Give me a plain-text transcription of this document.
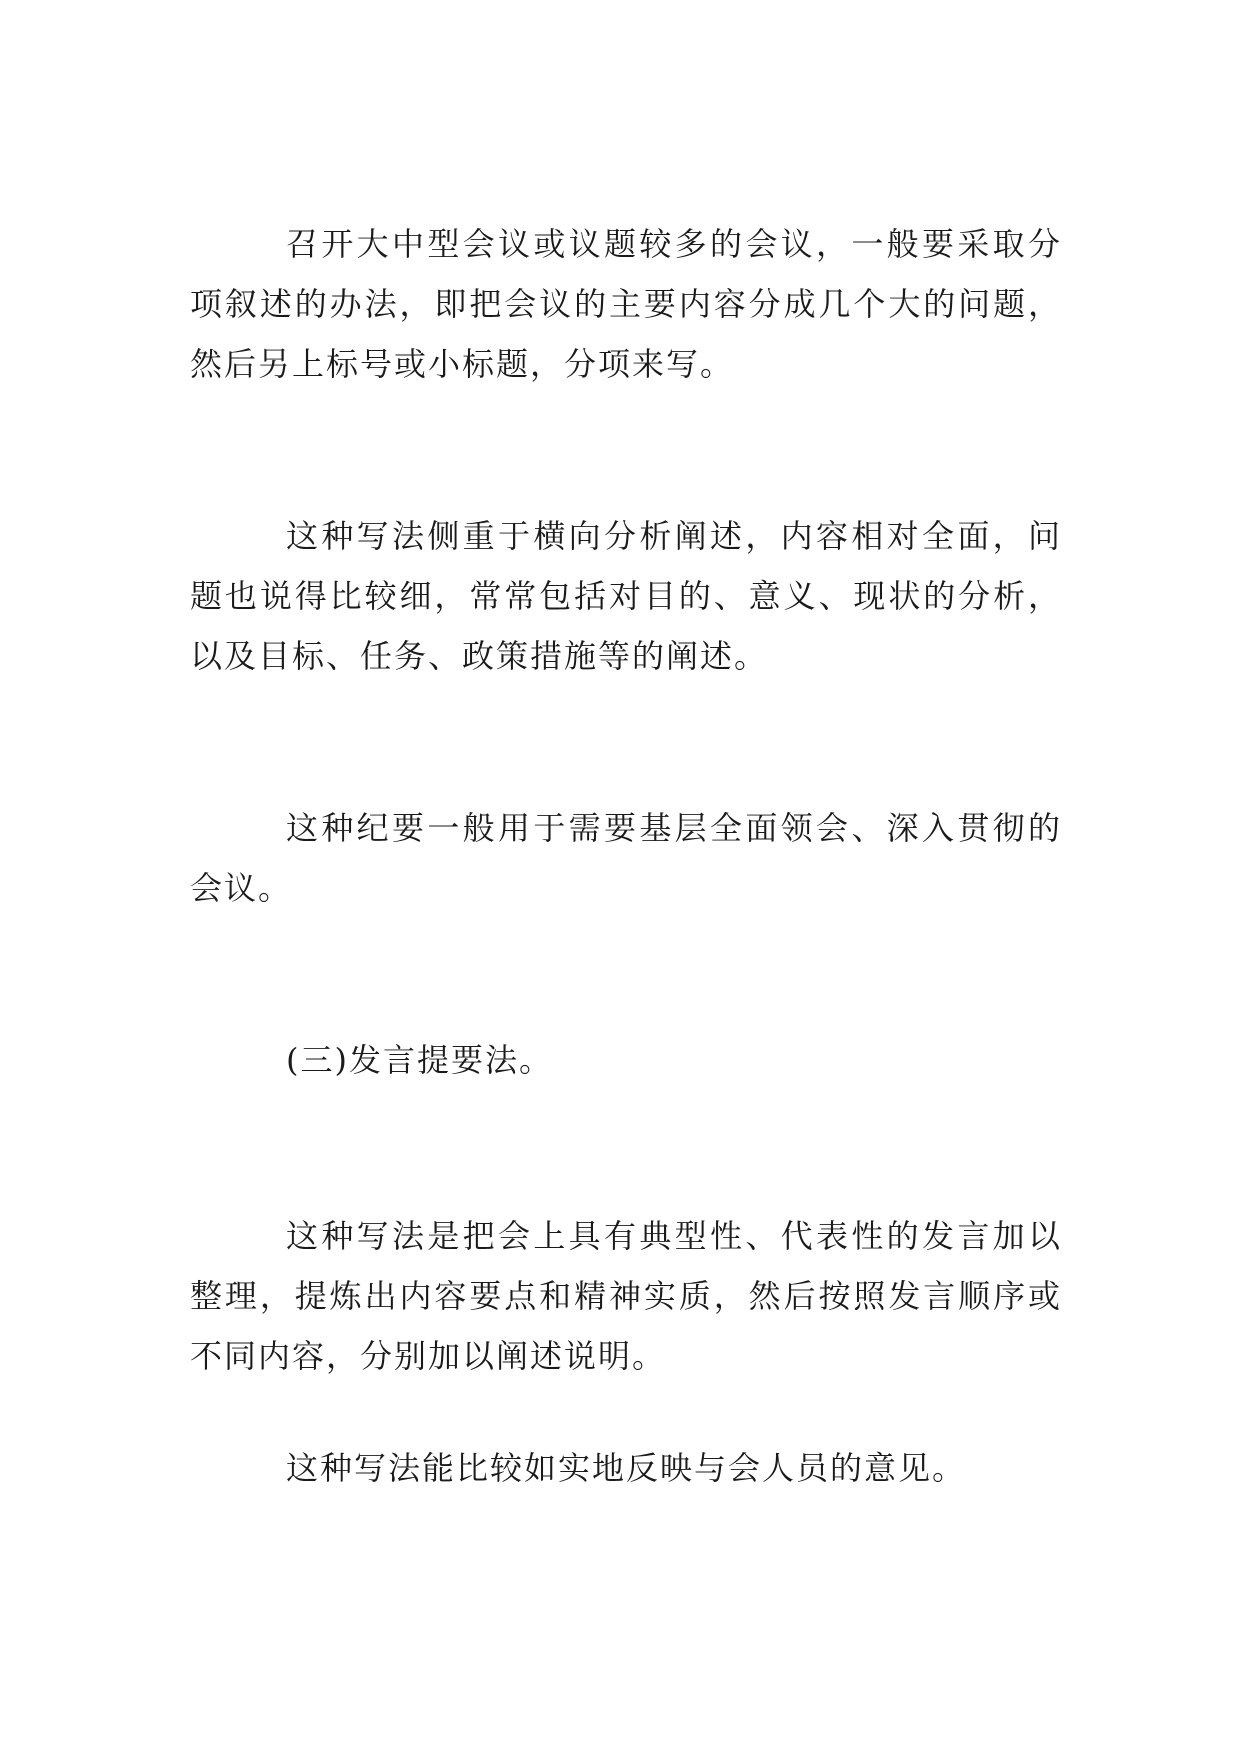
召开大中型会议或议题较多的会议，一般要采取分项叙述的办法，即把会议的主要内容分成几个大的问题，然后另上标号或小标题，分项来写。

这种写法侧重于横向分析阐述，内容相对全面，问题也说得比较细，常常包括对目的、意义、现状的分析，以及目标、任务、政策措施等的阐述。

这种纪要一般用于需要基层全面领会、深入贯彻的会议。

(三)发言提要法。

这种写法是把会上具有典型性、代表性的发言加以整理，提炼出内容要点和精神实质，然后按照发言顺序或不同内容，分别加以阐述说明。

这种写法能比较如实地反映与会人员的意见。
